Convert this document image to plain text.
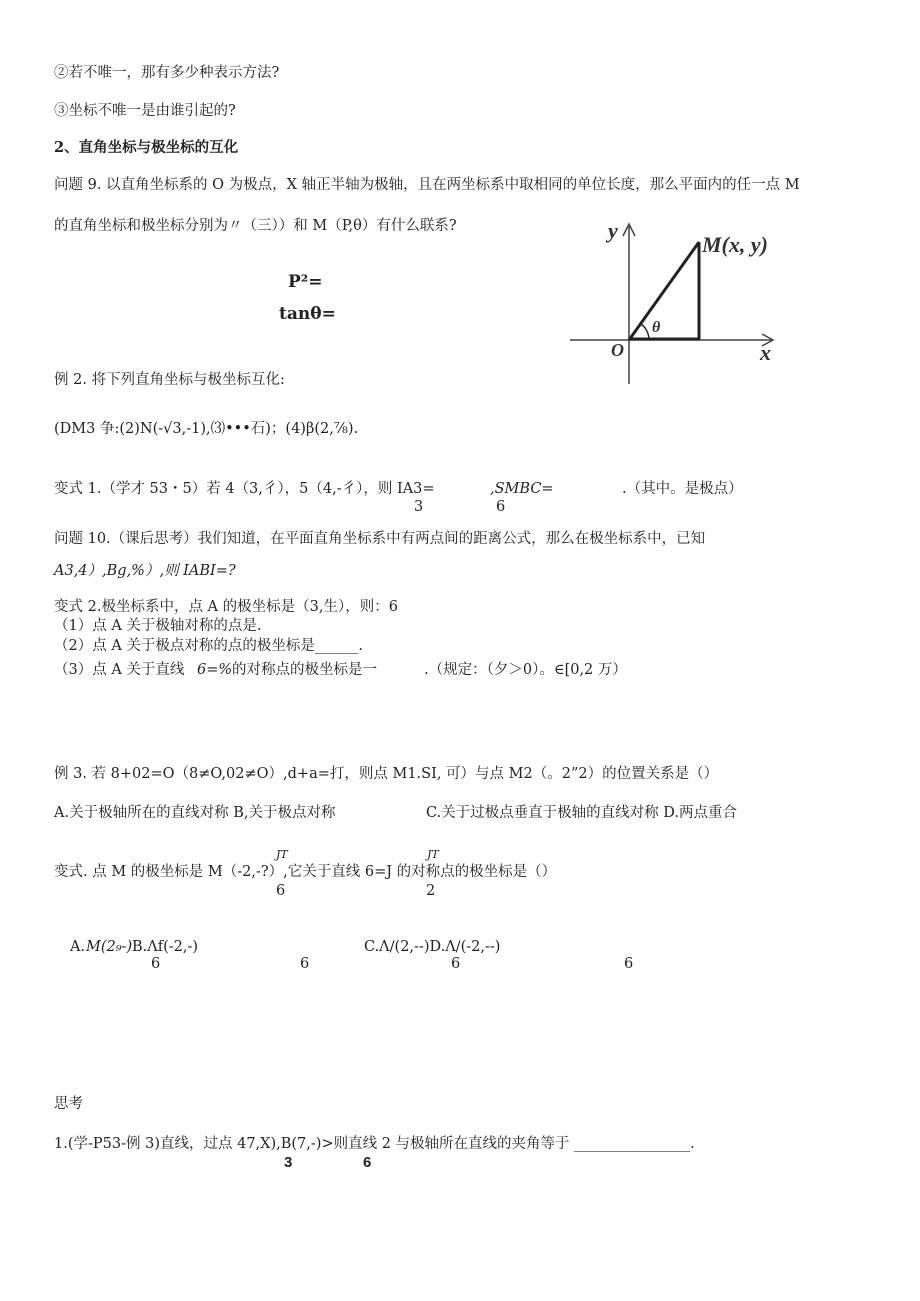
②若不唯一，那有多少种表示方法?
③坐标不唯一是由谁引起的?
2、直角坐标与极坐标的互化
问题 9. 以直角坐标系的 O 为极点，X 轴正半轴为极轴，且在两坐标系中取相同的单位长度，那么平面内的任一点 M
的直角坐标和极坐标分别为〃（三））和 M（P,θ）有什么联系?
P²=
tanθ=
y
x
O
θ
M(x, y)
例 2. 将下列直角坐标与极坐标互化:
(DM3 争:(2)N(-√3,-1),⑶•••石)；(4)β(2,⅞).
变式 1.（学才 53・5）若 4（3,彳），5（4,-彳），则 IA3=	,SMBC=	.（其中。是极点）
3	6
问题 10.（课后思考）我们知道，在平面直角坐标系中有两点间的距离公式，那么在极坐标系中，已知
A3,4）,Bg,%）,则 IABI=?
变式 2.极坐标系中，点 A 的极坐标是（3,生），则：6
（1）点 A 关于极轴对称的点是.
（2）点 A 关于极点对称的点的极坐标是______.
（3）点 A 关于直线 6=% 的对称点的极坐标是一	.（规定：（夕＞0）。∈[0,2 万）
例 3. 若 8+02=O（8≠O,02≠O）,d+a=打，则点 M1.SI, 可）与点 M2（。2”2）的位置关系是（）
A.关于极轴所在的直线对称 B,关于极点对称	C.关于过极点垂直于极轴的直线对称 D.两点重合
JT	JT
变式. 点 M 的极坐标是 M（-2,-?）,它关于直线 6=J 的对称点的极坐标是（）
6	2
A. M(2₉-) B.Λf(-2,-)	C.Λ∕(2,--)D.Λ∕(-2,--)
6	6	6	6
思考
1.(学-P53-例 3)直线，过点 47,X),B(7,-)>则直线 2 与极轴所在直线的夹角等于 ________________.
3	6
